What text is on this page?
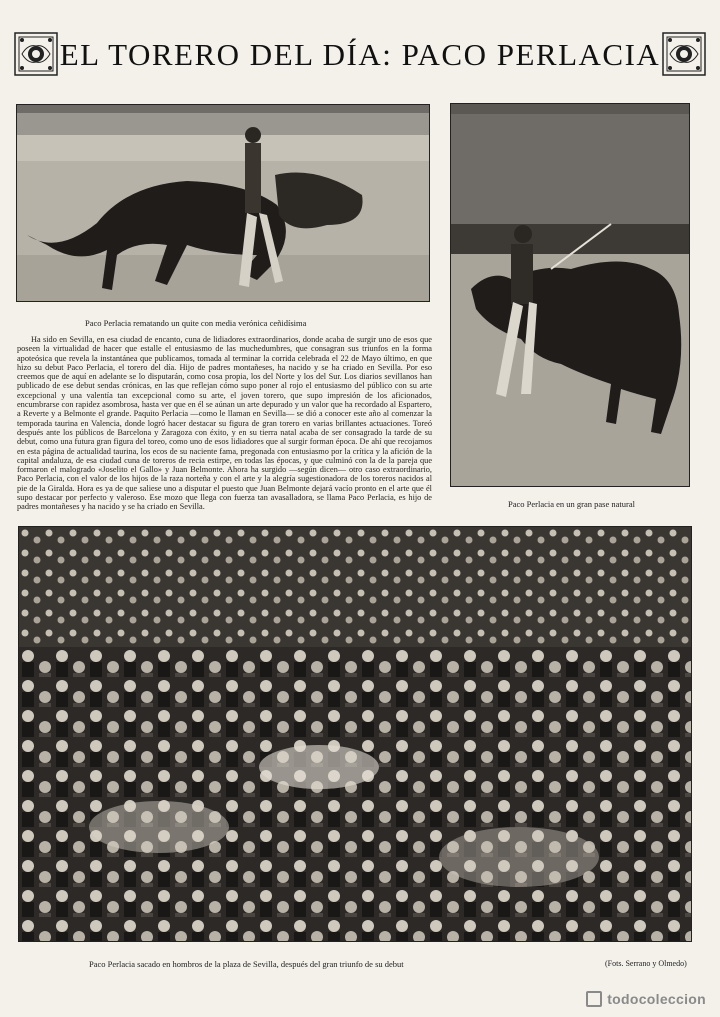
EL TORERO DEL DÍA: PACO PERLACIA
Paco Perlacia rematando un quite con media verónica ceñidísima
Paco Perlacia en un gran pase natural
Ha sido en Sevilla, en esa ciudad de encanto, cuna de lidiadores extraordinarios, donde acaba de surgir uno de esos que poseen la virtualidad de hacer que estalle el entusiasmo de las muchedumbres, que consagran sus triunfos en la forma apoteósica que revela la instantánea que publicamos, tomada al terminar la corrida celebrada el 22 de Mayo último, en que hizo su debut Paco Perlacia, el torero del día. Hijo de padres montañeses, ha nacido y se ha criado en Sevilla. Por eso creemos que de aquí en adelante se lo disputarán, como cosa propia, los del Norte y los del Sur. Los diarios sevillanos han publicado de ese debut sendas crónicas, en las que reflejan cómo supo poner al rojo el entusiasmo del público con su arte excepcional y una valentía tan excepcional como su arte, el joven torero, que supo impresión de los aficionados, encumbrarse con rapidez asombrosa, hasta ver que en él se aúnan un arte depurado y un valor que ha recordado al Espartero, a Reverte y a Belmonte el grande. Paquito Perlacia —como le llaman en Sevilla— se dió a conocer este año al comenzar la temporada taurina en Valencia, donde logró hacer destacar su figura de gran torero en varias brillantes actuaciones. Toreó después ante los públicos de Barcelona y Zaragoza con éxito, y en su tierra natal acaba de ser consagrado la tarde de su debut, como una futura gran figura del toreo, como uno de esos lidiadores que al surgir forman época. De ahí que recojamos en esta página de actualidad taurina, los ecos de su naciente fama, pregonada con entusiasmo por la crítica y la afición de la capital andaluza, de esa ciudad cuna de toreros de recia estirpe, en todas las épocas, y que culminó con la de la pareja que formaron el malogrado «Joselito el Gallo» y Juan Belmonte. Ahora ha surgido —según dicen— otro caso extraordinario, Paco Perlacia, con el valor de los hijos de la raza norteña y con el arte y la alegría sugestionadora de los toreros nacidos al pie de la Giralda. Hora es ya de que saliese uno a disputar el puesto que Juan Belmonte dejará vacío pronto en el arte que él supo destacar por perfecto y valeroso. Ese mozo que llega con fuerza tan avasalladora, se llama Paco Perlacia, es hijo de padres montañeses y ha nacido y se ha criado en Sevilla.
Paco Perlacia sacado en hombros de la plaza de Sevilla, después del gran triunfo de su debut	(Fots. Serrano y Olmedo)
todocoleccion
